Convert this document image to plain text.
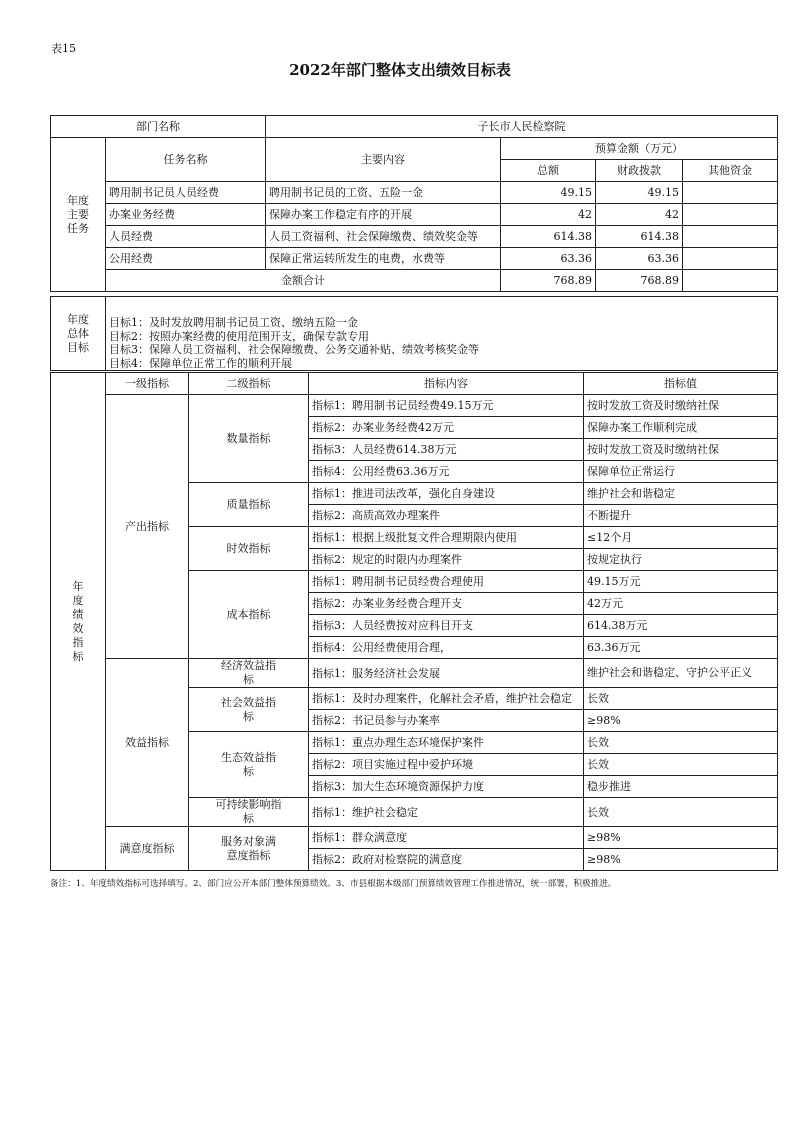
表15
2022年部门整体支出绩效目标表
部门名称		子长市人民检察院			
年度主要任务	任务名称	主要内容	预算金额（万元）		
			总额	财政拨款	其他资金
	聘用制书记员人员经费	聘用制书记员的工资、五险一金	49.15	49.15	
	办案业务经费	保障办案工作稳定有序的开展	42	42	
	人员经费	人员工资福利、社会保障缴费、绩效奖金等	614.38	614.38	
	公用经费	保障正常运转所发生的电费，水费等	63.36	63.36	
	金额合计		768.89	768.89	
年度总体目标	
目标1：及时发放聘用制书记员工资、缴纳五险一金
目标2：按照办案经费的使用范围开支，确保专款专用
目标3：保障人员工资福利、社会保障缴费、公务交通补贴、绩效考核奖金等
目标4：保障单位正常工作的顺利开展
年度绩效指标	一级指标	二级指标	指标内容	指标值
	产出指标	数量指标	指标1：聘用制书记员经费49.15万元	按时发放工资及时缴纳社保
			指标2：办案业务经费42万元	保障办案工作顺利完成
			指标3：人员经费614.38万元	按时发放工资及时缴纳社保
			指标4：公用经费63.36万元	保障单位正常运行
		质量指标	指标1：推进司法改革，强化自身建设	维护社会和谐稳定
			指标2：高质高效办理案件	不断提升
		时效指标	指标1：根据上级批复文件合理期限内使用	≤12个月
			指标2：规定的时限内办理案件	按规定执行
		成本指标	指标1：聘用制书记员经费合理使用	49.15万元
			指标2：办案业务经费合理开支	42万元
			指标3：人员经费按对应科目开支	614.38万元
			指标4：公用经费使用合理，	63.36万元
	效益指标	经济效益指标	指标1：服务经济社会发展	维护社会和谐稳定、守护公平正义
		社会效益指标	指标1：及时办理案件，化解社会矛盾，维护社会稳定	长效
			指标2：书记员参与办案率	≥98%
		生态效益指标	指标1：重点办理生态环境保护案件	长效
			指标2：项目实施过程中爱护环境	长效
			指标3：加大生态环境资源保护力度	稳步推进
		可持续影响指标	指标1：维护社会稳定	长效
	满意度指标	服务对象满意度指标	指标1：群众满意度	≥98%
			指标2：政府对检察院的满意度	≥98%
备注：1、年度绩效指标可选择填写。2、部门应公开本部门整体预算绩效。3、市县根据本级部门预算绩效管理工作推进情况，统一部署，积极推进。
